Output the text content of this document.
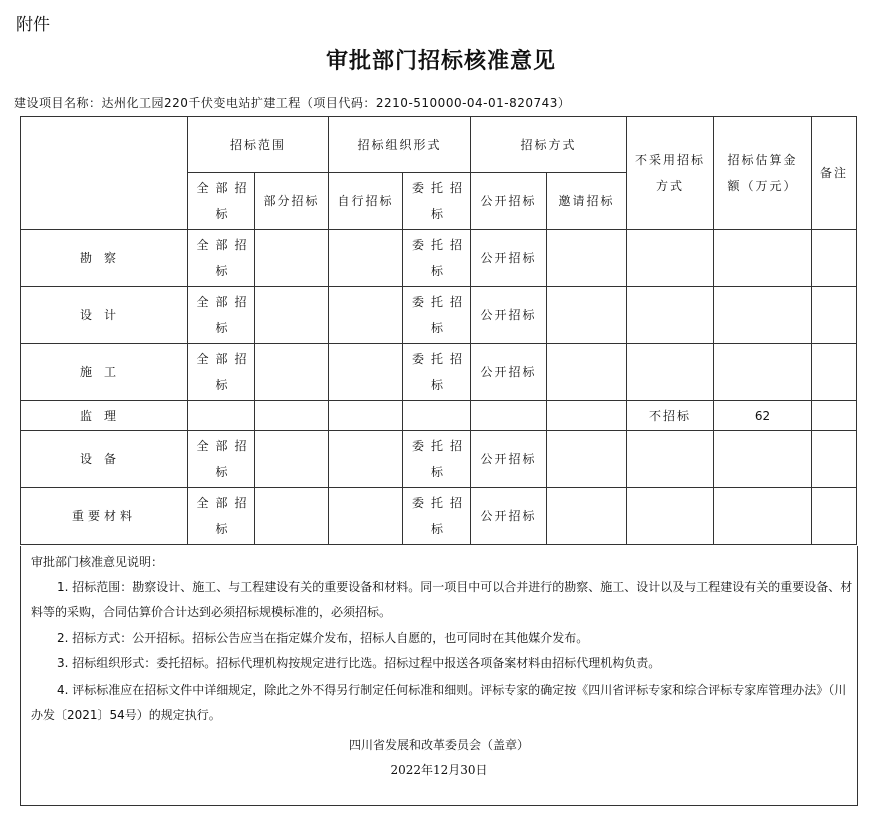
附件
审批部门招标核准意见
建设项目名称：达州化工园220千伏变电站扩建工程（项目代码：2210-510000-04-01-820743）
	招标范围		招标组织形式		招标方式		不采用招标方式	招标估算金额（万元）	备注
	全部招标	部分招标	自行招标	委托招标	公开招标	邀请招标			
勘察	全部招标			委托招标	公开招标				
设计	全部招标			委托招标	公开招标				
施工	全部招标			委托招标	公开招标				
监理							不招标	62	
设备	全部招标			委托招标	公开招标				
重要材料	全部招标			委托招标	公开招标				

审批部门核准意见说明：

1. 招标范围：勘察设计、施工、与工程建设有关的重要设备和材料。同一项目中可以合并进行的勘察、施工、设计以及与工程建设有关的重要设备、材料等的采购，合同估算价合计达到必须招标规模标准的，必须招标。

2. 招标方式：公开招标。招标公告应当在指定媒介发布，招标人自愿的，也可同时在其他媒介发布。

3. 招标组织形式：委托招标。招标代理机构按规定进行比选。招标过程中报送各项备案材料由招标代理机构负责。

4. 评标标准应在招标文件中详细规定，除此之外不得另行制定任何标准和细则。评标专家的确定按《四川省评标专家和综合评标专家库管理办法》（川办发〔2021〕54号）的规定执行。

四川省发展和改革委员会（盖章）

2022年12月30日
